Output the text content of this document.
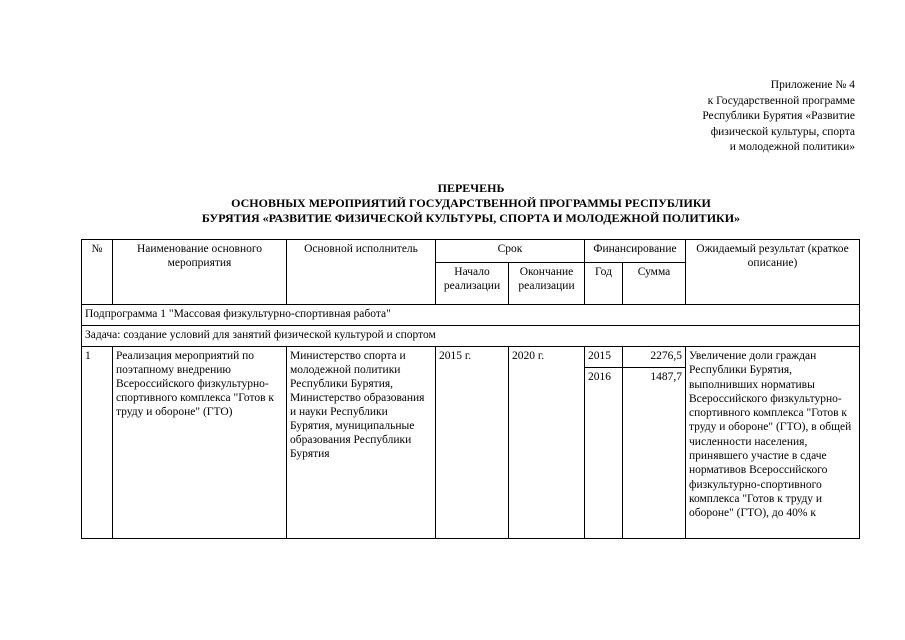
Приложение № 4
к Государственной программе
Республики Бурятия «Развитие
физической культуры, спорта
и молодежной политики»
ПЕРЕЧЕНЬ
ОСНОВНЫХ МЕРОПРИЯТИЙ ГОСУДАРСТВЕННОЙ ПРОГРАММЫ РЕСПУБЛИКИ
БУРЯТИЯ «РАЗВИТИЕ ФИЗИЧЕСКОЙ КУЛЬТУРЫ, СПОРТА И МОЛОДЕЖНОЙ ПОЛИТИКИ»
№	Наименование основного мероприятия	Основной исполнитель	Срок		Финансирование		Ожидаемый результат (краткое описание)
			Начало реализации	Окончание реализации	Год	Сумма	
Подпрограмма 1 "Массовая физкультурно-спортивная работа"							
Задача: создание условий для занятий физической культурой и спортом							
1	Реализация мероприятий по поэтапному внедрению Всероссийского физкультурно-спортивного комплекса "Готов к труду и обороне" (ГТО)	Министерство спорта и молодежной политики Республики Бурятия, Министерство образования и науки Республики Бурятия, муниципальные образования Республики Бурятия	2015 г.	2020 г.	2015	2276,5	Увеличение доли граждан Республики Бурятия, выполнивших нормативы Всероссийского физкультурно-спортивного комплекса "Готов к труду и обороне" (ГТО), в общей численности населения, принявшего участие в сдаче нормативов Всероссийского физкультурно-спортивного комплекса "Готов к труду и обороне" (ГТО), до 40% к
					2016	1487,7	
